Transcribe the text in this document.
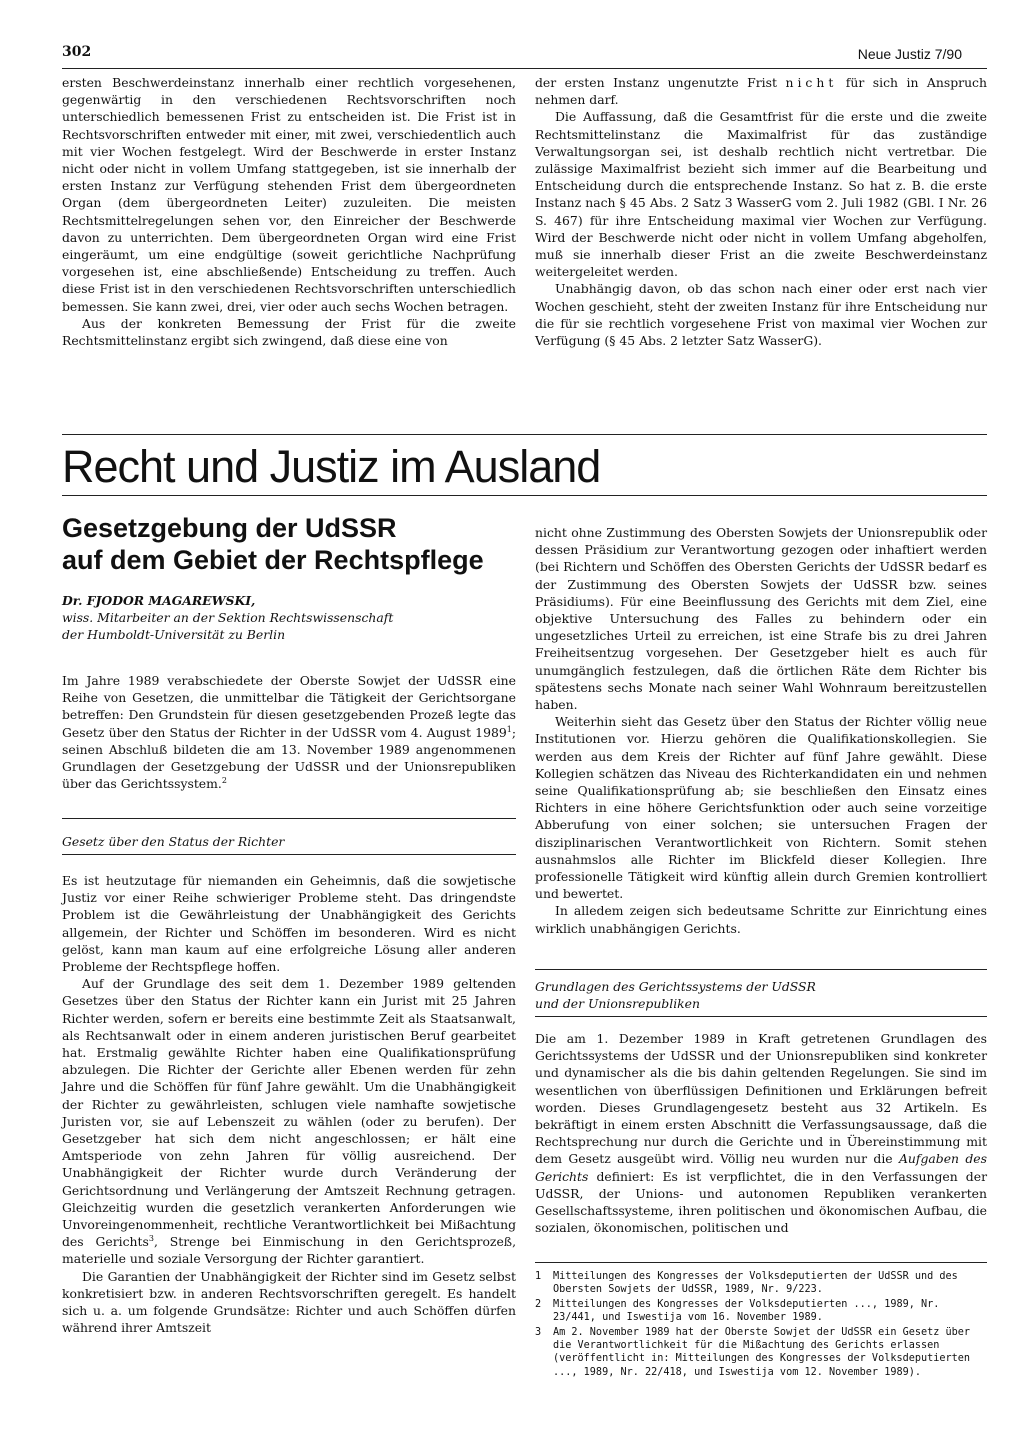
302	Neue Justiz 7/90

ersten Beschwerdeinstanz innerhalb einer rechtlich vorgesehenen, gegenwärtig in den verschiedenen Rechtsvorschriften noch unterschiedlich bemessenen Frist zu entscheiden ist. Die Frist ist in Rechtsvorschriften entweder mit einer, mit zwei, verschiedentlich auch mit vier Wochen festgelegt. Wird der Beschwerde in erster Instanz nicht oder nicht in vollem Umfang stattgegeben, ist sie innerhalb der ersten Instanz zur Verfügung stehenden Frist dem übergeordneten Organ (dem übergeordneten Leiter) zuzuleiten. Die meisten Rechtsmittelregelungen sehen vor, den Einreicher der Beschwerde davon zu unterrichten. Dem übergeordneten Organ wird eine Frist eingeräumt, um eine endgültige (soweit gerichtliche Nachprüfung vorgesehen ist, eine abschließende) Entscheidung zu treffen. Auch diese Frist ist in den verschiedenen Rechtsvorschriften unterschiedlich bemessen. Sie kann zwei, drei, vier oder auch sechs Wochen betragen.

Aus der konkreten Bemessung der Frist für die zweite Rechtsmittelinstanz ergibt sich zwingend, daß diese eine von

der ersten Instanz ungenutzte Frist nicht für sich in Anspruch nehmen darf.

Die Auffassung, daß die Gesamtfrist für die erste und die zweite Rechtsmittelinstanz die Maximalfrist für das zuständige Verwaltungsorgan sei, ist deshalb rechtlich nicht vertretbar. Die zulässige Maximalfrist bezieht sich immer auf die Bearbeitung und Entscheidung durch die entsprechende Instanz. So hat z. B. die erste Instanz nach § 45 Abs. 2 Satz 3 WasserG vom 2. Juli 1982 (GBl. I Nr. 26 S. 467) für ihre Entscheidung maximal vier Wochen zur Verfügung. Wird der Beschwerde nicht oder nicht in vollem Umfang abgeholfen, muß sie innerhalb dieser Frist an die zweite Beschwerdeinstanz weitergeleitet werden.

Unabhängig davon, ob das schon nach einer oder erst nach vier Wochen geschieht, steht der zweiten Instanz für ihre Entscheidung nur die für sie rechtlich vorgesehene Frist von maximal vier Wochen zur Verfügung (§ 45 Abs. 2 letzter Satz WasserG).

Recht und Justiz im Ausland
Gesetzgebung der UdSSR
auf dem Gebiet der Rechtspflege
Dr. FJODOR MAGAREWSKI,
wiss. Mitarbeiter an der Sektion Rechtswissenschaft
der Humboldt-Universität zu Berlin

Im Jahre 1989 verabschiedete der Oberste Sowjet der UdSSR eine Reihe von Gesetzen, die unmittelbar die Tätigkeit der Gerichtsorgane betreffen: Den Grundstein für diesen gesetzgebenden Prozeß legte das Gesetz über den Status der Richter in der UdSSR vom 4. August 1989$^1$; seinen Abschluß bildeten die am 13. November 1989 angenommenen Grundlagen der Gesetzgebung der UdSSR und der Unionsrepubliken über das Gerichtssystem.$^2$

Gesetz über den Status der Richter

Es ist heutzutage für niemanden ein Geheimnis, daß die sowjetische Justiz vor einer Reihe schwieriger Probleme steht. Das dringendste Problem ist die Gewährleistung der Unabhängigkeit des Gerichts allgemein, der Richter und Schöffen im besonderen. Wird es nicht gelöst, kann man kaum auf eine erfolgreiche Lösung aller anderen Probleme der Rechtspflege hoffen.

Auf der Grundlage des seit dem 1. Dezember 1989 geltenden Gesetzes über den Status der Richter kann ein Jurist mit 25 Jahren Richter werden, sofern er bereits eine bestimmte Zeit als Staatsanwalt, als Rechtsanwalt oder in einem anderen juristischen Beruf gearbeitet hat. Erstmalig gewählte Richter haben eine Qualifikationsprüfung abzulegen. Die Richter der Gerichte aller Ebenen werden für zehn Jahre und die Schöffen für fünf Jahre gewählt. Um die Unabhängigkeit der Richter zu gewährleisten, schlugen viele namhafte sowjetische Juristen vor, sie auf Lebenszeit zu wählen (oder zu berufen). Der Gesetzgeber hat sich dem nicht angeschlossen; er hält eine Amtsperiode von zehn Jahren für völlig ausreichend. Der Unabhängigkeit der Richter wurde durch Veränderung der Gerichtsordnung und Verlängerung der Amtszeit Rechnung getragen. Gleichzeitig wurden die gesetzlich verankerten Anforderungen wie Unvoreingenommenheit, rechtliche Verantwortlichkeit bei Mißachtung des Gerichts$^3$, Strenge bei Einmischung in den Gerichtsprozeß, materielle und soziale Versorgung der Richter garantiert.

Die Garantien der Unabhängigkeit der Richter sind im Gesetz selbst konkretisiert bzw. in anderen Rechtsvorschriften geregelt. Es handelt sich u. a. um folgende Grundsätze: Richter und auch Schöffen dürfen während ihrer Amtszeit

nicht ohne Zustimmung des Obersten Sowjets der Unionsrepublik oder dessen Präsidium zur Verantwortung gezogen oder inhaftiert werden (bei Richtern und Schöffen des Obersten Gerichts der UdSSR bedarf es der Zustimmung des Obersten Sowjets der UdSSR bzw. seines Präsidiums). Für eine Beeinflussung des Gerichts mit dem Ziel, eine objektive Untersuchung des Falles zu behindern oder ein ungesetzliches Urteil zu erreichen, ist eine Strafe bis zu drei Jahren Freiheitsentzug vorgesehen. Der Gesetzgeber hielt es auch für unumgänglich festzulegen, daß die örtlichen Räte dem Richter bis spätestens sechs Monate nach seiner Wahl Wohnraum bereitzustellen haben.

Weiterhin sieht das Gesetz über den Status der Richter völlig neue Institutionen vor. Hierzu gehören die Qualifikationskollegien. Sie werden aus dem Kreis der Richter auf fünf Jahre gewählt. Diese Kollegien schätzen das Niveau des Richterkandidaten ein und nehmen seine Qualifikationsprüfung ab; sie beschließen den Einsatz eines Richters in eine höhere Gerichtsfunktion oder auch seine vorzeitige Abberufung von einer solchen; sie untersuchen Fragen der disziplinarischen Verantwortlichkeit von Richtern. Somit stehen ausnahmslos alle Richter im Blickfeld dieser Kollegien. Ihre professionelle Tätigkeit wird künftig allein durch Gremien kontrolliert und bewertet.

In alledem zeigen sich bedeutsame Schritte zur Einrichtung eines wirklich unabhängigen Gerichts.

Grundlagen des Gerichtssystems der UdSSR
und der Unionsrepubliken

Die am 1. Dezember 1989 in Kraft getretenen Grundlagen des Gerichtssystems der UdSSR und der Unionsrepubliken sind konkreter und dynamischer als die bis dahin geltenden Regelungen. Sie sind im wesentlichen von überflüssigen Definitionen und Erklärungen befreit worden. Dieses Grundlagengesetz besteht aus 32 Artikeln. Es bekräftigt in einem ersten Abschnitt die Verfassungsaussage, daß die Rechtsprechung nur durch die Gerichte und in Übereinstimmung mit dem Gesetz ausgeübt wird. Völlig neu wurden nur die Aufgaben des Gerichts definiert: Es ist verpflichtet, die in den Verfassungen der UdSSR, der Unions- und autonomen Republiken verankerten Gesellschaftssysteme, ihren politischen und ökonomischen Aufbau, die sozialen, ökonomischen, politischen und

1	Mitteilungen des Kongresses der Volksdeputierten der UdSSR und des Obersten Sowjets der UdSSR, 1989, Nr. 9/223.
2	Mitteilungen des Kongresses der Volksdeputierten ..., 1989, Nr. 23/441, und Iswestija vom 16. November 1989.
3	Am 2. November 1989 hat der Oberste Sowjet der UdSSR ein Gesetz über die Verantwortlichkeit für die Mißachtung des Gerichts erlassen (veröffentlicht in: Mitteilungen des Kongresses der Volksdeputierten ..., 1989, Nr. 22/418, und Iswestija vom 12. November 1989).
